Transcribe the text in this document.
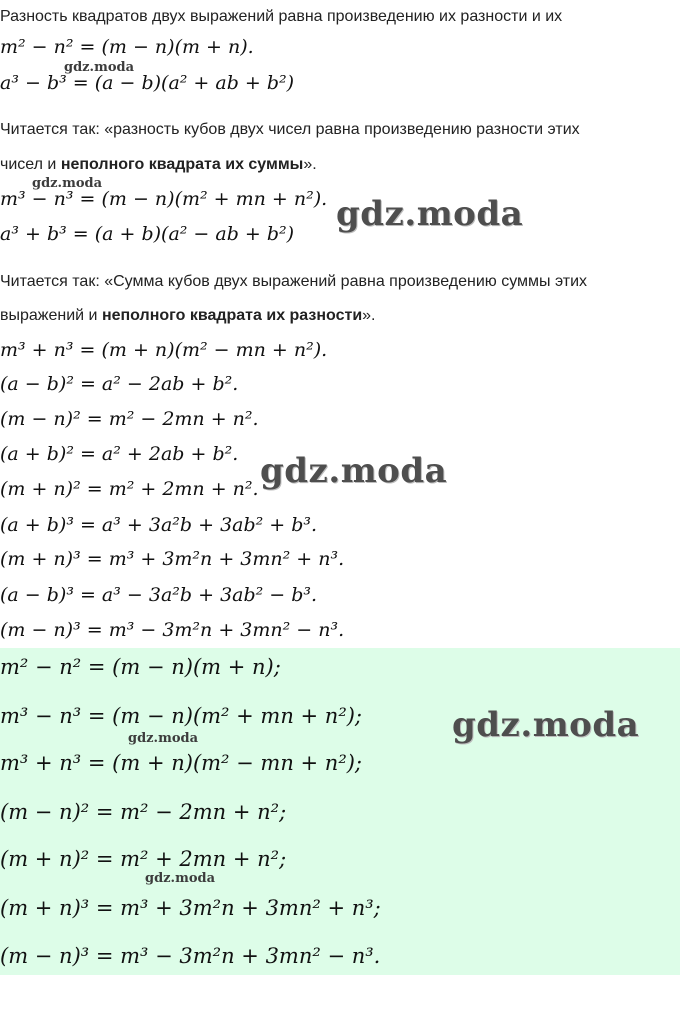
Разность квадратов двух выражений равна произведению их разности и их
m² − n² = (m − n)(m + n).
a³ − b³ = (a − b)(a² + ab + b²)
Читается так: «разность кубов двух чисел равна произведению разности этих
чисел и неполного квадрата их суммы».
m³ − n³ = (m − n)(m² + mn + n²).
a³ + b³ = (a + b)(a² − ab + b²)
Читается так: «Сумма кубов двух выражений равна произведению суммы этих
выражений и неполного квадрата их разности».
m³ + n³ = (m + n)(m² − mn + n²).
(a − b)² = a² − 2ab + b².
(m − n)² = m² − 2mn + n².
(a + b)² = a² + 2ab + b².
(m + n)² = m² + 2mn + n².
(a + b)³ = a³ + 3a²b + 3ab² + b³.
(m + n)³ = m³ + 3m²n + 3mn² + n³.
(a − b)³ = a³ − 3a²b + 3ab² − b³.
(m − n)³ = m³ − 3m²n + 3mn² − n³.
m² − n² = (m − n)(m + n);
m³ − n³ = (m − n)(m² + mn + n²);
m³ + n³ = (m + n)(m² − mn + n²);
(m − n)² = m² − 2mn + n²;
(m + n)² = m² + 2mn + n²;
(m + n)³ = m³ + 3m²n + 3mn² + n³;
(m − n)³ = m³ − 3m²n + 3mn² − n³.
gdz.moda
gdz.moda
gdz.moda
gdz.moda
gdz.moda
gdz.moda
gdz.moda
